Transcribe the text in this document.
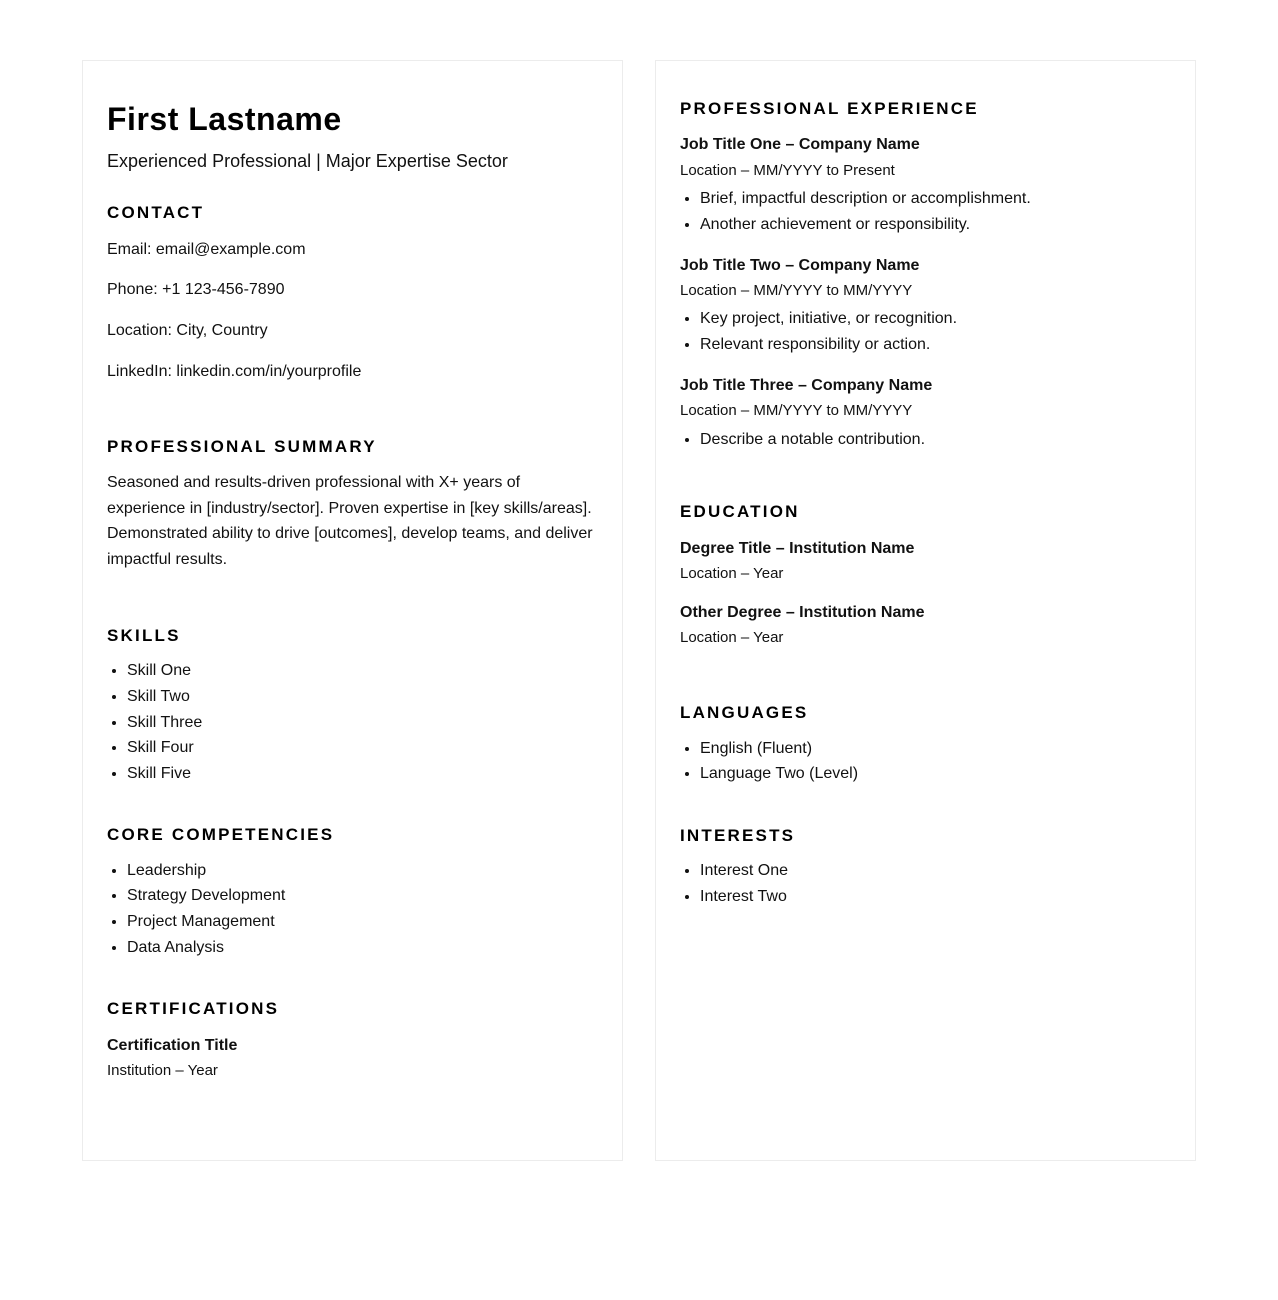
First Lastname
Experienced Professional | Major Expertise Sector
CONTACT

Email: email@example.com

Phone: +1 123-456-7890

Location: City, Country

LinkedIn: linkedin.com/in/yourprofile

PROFESSIONAL SUMMARY

Seasoned and results-driven professional with X+ years of experience in [industry/sector]. Proven expertise in [key skills/areas]. Demonstrated ability to drive [outcomes], develop teams, and deliver impactful results.

SKILLS
• Skill One
• Skill Two
• Skill Three
• Skill Four
• Skill Five
CORE COMPETENCIES
• Leadership
• Strategy Development
• Project Management
• Data Analysis
CERTIFICATIONS

Certification Title

Institution – Year

PROFESSIONAL EXPERIENCE

Job Title One – Company Name

Location – MM/YYYY to Present

• Brief, impactful description or accomplishment.
• Another achievement or responsibility.

Job Title Two – Company Name

Location – MM/YYYY to MM/YYYY

• Key project, initiative, or recognition.
• Relevant responsibility or action.

Job Title Three – Company Name

Location – MM/YYYY to MM/YYYY

• Describe a notable contribution.
EDUCATION

Degree Title – Institution Name

Location – Year

Other Degree – Institution Name

Location – Year

LANGUAGES
• English (Fluent)
• Language Two (Level)
INTERESTS
• Interest One
• Interest Two
